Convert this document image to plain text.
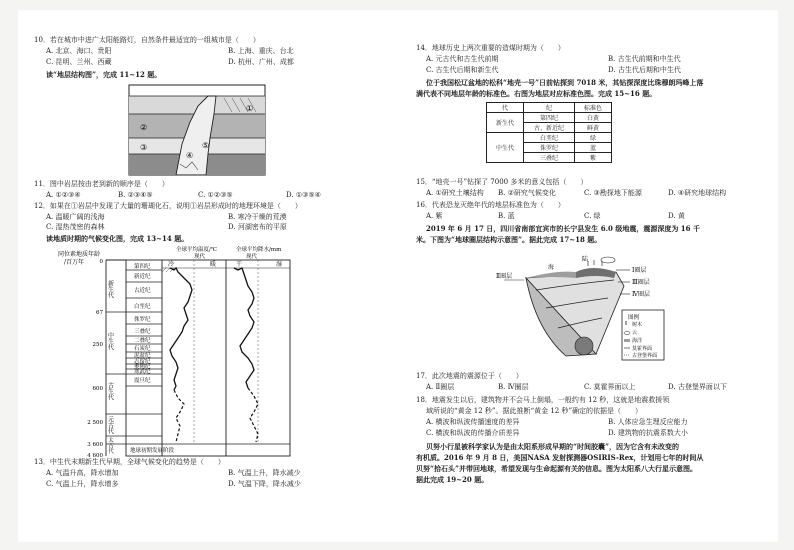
10．若在城市中进广太阳能路灯，自然条件最适宜的一组城市是（　　）
A. 北京、海口、贵阳	B. 上海、重庆、台北
C. 昆明、兰州、西藏	D. 杭州、广州、成都
读“地层结构图”，完成 11~12 题。
①
②
③
④
⑤
11．图中岩层按由老到新的顺序是（　　）
A. ①②③④	B. ②③④⑤	C. ①②③⑤	D. ①③⑤④
12．如果在①岩层中发现了大量的珊瑚化石，说明①岩层形成时的地理环境是（　　）
A. 温暖广阔的浅海	B. 寒冷干燥的荒漠
C. 湿热茂密的森林	D. 河湖密布的平原
读地质时期的气候变化图，完成 13~14 题。
同位素地质年龄
/百万年
全球平均温度/℃	全球平均降水/mm
现代	现代
冷	暖	干	湿
新生代
中生代
古生代
元古代
太古代
第四纪
新近纪
古近纪
白垩纪
侏罗纪
三叠纪
二叠纪
石炭纪
泥盆纪
志留纪
奥陶纪
寒武纪
震旦纪
0
67
250
600
2 500
3 600
4 600
地球初期发展阶段
13．中生代末期新生代早期，全球气候变化的趋势是（　　）
A. 气温升高，降水增加	B. 气温上升，降水减少
C. 气温上升，降水增多	D. 气温下降，降水减少
14．地球历史上两次重要的造煤时期为（　　）
A. 元古代和古生代前期	B. 古生代前期和中生代
C. 古生代后期和新生代	D. 古生代后期和中生代
位于我国松辽盆地的松科“地壳一号”日前钻探到 7018 米，其钻探深度比珠穆朗玛峰上落
满代表不同地层年龄的标准色。右图为地层对应标准色图。完成 15~16 题。
代	纪	标准色
新生代	第四纪	白黄
	古、新近纪	鲜黄
中生代	白垩纪	绿
	侏罗纪	蓝
	三叠纪	紫
15．“地壳一号”钻探了 7000 多米的意义包括（　　）
A. ①研究土壤结构 B. ②研究气候变化	C. ③勘探地下能源	D. ④研究地球结构
16．代表恐龙灭绝年代的地层标准色为（　　）
A. 紫	B. 蓝	C. 绿	D. 黄
2019 年 6 月 17 日，四川省南部宜宾市的长宁县发生 6.0 级地震，震源深度为 16 千
米。下图为“地球圈层结构示意图”。据此完成 17~18 题。
Ⅱ圈层
海
陆
Ⅰ圈层
Ⅲ圈层
Ⅳ圈层
图例
树木
云
海洋
莫霍界面
古登堡界面
17．此次地震的震源位于（　　）
A. Ⅱ圈层	B. Ⅳ圈层	C. 莫霍界面以上	D. 古登堡界面以下
18．地震发生以后，建筑物并不会马上倒塌，一般约有 12 秒，这就是地震救援领
域所说的“黄金 12 秒”。据此推断“黄金 12 秒”确定的依据是（　　）
A. 横波和纵波传播速度的差异	B. 人体应急生理反应能力
C. 横波和纵波的传播介质差异	D. 建筑物的抗震系数大小
贝努小行星被科学家认为是由太阳系形成早期的“时间胶囊”，因为它含有未改变的
有机质。2016 年 9 月 8 日，美国NASA 发射探测器OSIRIS-Rex，计划用七年的时间从
贝努“拾石头”并带回地球，希望发现与生命起源有关的信息。图为太阳系八大行星示意图。
据此完成 19~20 题。
